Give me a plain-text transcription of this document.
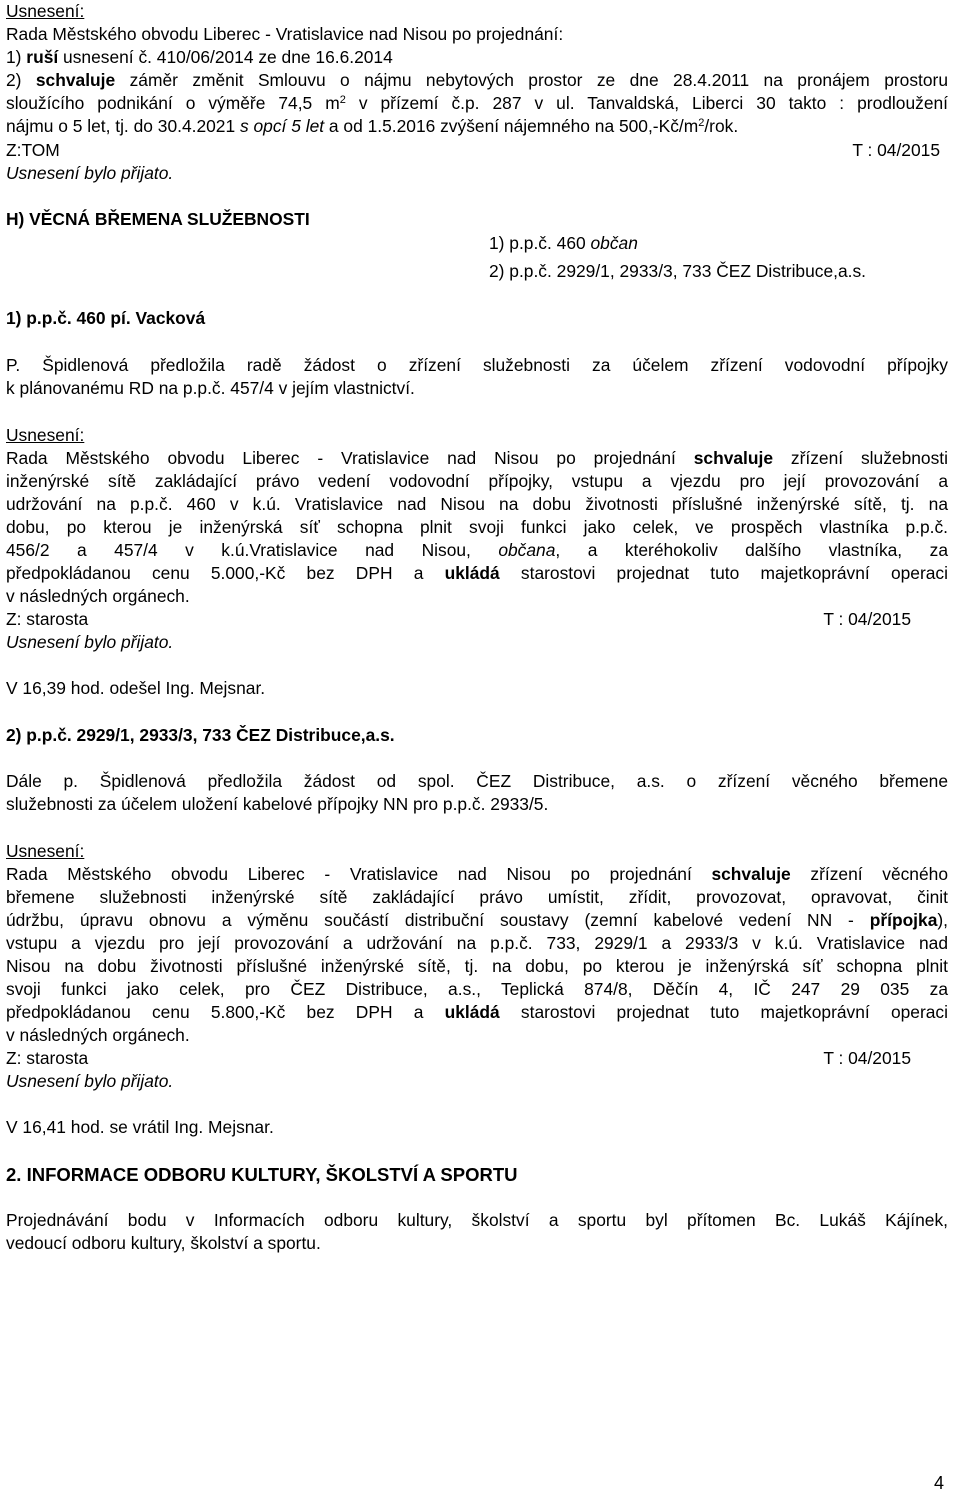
Usnesení:
Rada Městského obvodu Liberec - Vratislavice nad Nisou po projednání:
1) ruší usnesení č. 410/06/2014 ze dne 16.6.2014
2) schvaluje záměr změnit Smlouvu o nájmu nebytových prostor ze dne 28.4.2011 na pronájem prostoru
sloužícího podnikání o výměře 74,5 $m^2$ v přízemí č.p. 287 v ul. Tanvaldská, Liberci 30 takto : prodloužení
nájmu o 5 let, tj. do 30.4.2021 s opcí 5 let a od 1.5.2016 zvýšení nájemného na $500,-Kč/m^2$/rok.
Z:TOM	T : 04/2015
Usnesení bylo přijato.
H) VĚCNÁ BŘEMENA SLUŽEBNOSTI
1) p.p.č. 460 občan
2) p.p.č. 2929/1, 2933/3, 733 ČEZ Distribuce,a.s.
1) p.p.č. 460 pí. Vacková
P. Špidlenová předložila radě žádost o zřízení služebnosti za účelem zřízení vodovodní přípojky
k plánovanému RD na p.p.č. 457/4 v jejím vlastnictví.
Usnesení:
Rada Městského obvodu Liberec - Vratislavice nad Nisou po projednání schvaluje zřízení služebnosti
inženýrské sítě zakládající právo vedení vodovodní přípojky, vstupu a vjezdu pro její provozování a
udržování na p.p.č. 460 v k.ú. Vratislavice nad Nisou na dobu životnosti příslušné inženýrské sítě, tj. na
dobu, po kterou je inženýrská síť schopna plnit svoji funkci jako celek, ve prospěch vlastníka p.p.č.
456/2 a 457/4 v k.ú.Vratislavice nad Nisou, občana, a kteréhokoliv dalšího vlastníka, za
předpokládanou cenu 5.000,-Kč bez DPH a ukládá starostovi projednat tuto majetkoprávní operaci
v následných orgánech.
Z: starosta	T : 04/2015
Usnesení bylo přijato.
V 16,39 hod. odešel Ing. Mejsnar.
2) p.p.č. 2929/1, 2933/3, 733 ČEZ Distribuce,a.s.
Dále p. Špidlenová předložila žádost od spol. ČEZ Distribuce, a.s. o zřízení věcného břemene
služebnosti za účelem uložení kabelové přípojky NN pro p.p.č. 2933/5.
Usnesení:
Rada Městského obvodu Liberec - Vratislavice nad Nisou po projednání schvaluje zřízení věcného
břemene služebnosti inženýrské sítě zakládající právo umístit, zřídit, provozovat, opravovat, činit
údržbu, úpravu obnovu a výměnu součástí distribuční soustavy (zemní kabelové vedení NN - přípojka),
vstupu a vjezdu pro její provozování a udržování na p.p.č. 733, 2929/1 a 2933/3 v k.ú. Vratislavice nad
Nisou na dobu životnosti příslušné inženýrské sítě, tj. na dobu, po kterou je inženýrská síť schopna plnit
svoji funkci jako celek, pro ČEZ Distribuce, a.s., Teplická 874/8, Děčín 4, IČ 247 29 035 za
předpokládanou cenu 5.800,-Kč bez DPH a ukládá starostovi projednat tuto majetkoprávní operaci
v následných orgánech.
Z: starosta	T : 04/2015
Usnesení bylo přijato.
V 16,41 hod. se vrátil Ing. Mejsnar.
2. INFORMACE ODBORU KULTURY, ŠKOLSTVÍ A SPORTU
Projednávání bodu v Informacích odboru kultury, školství a sportu byl přítomen Bc. Lukáš Kájínek,
vedoucí odboru kultury, školství a sportu.
4
